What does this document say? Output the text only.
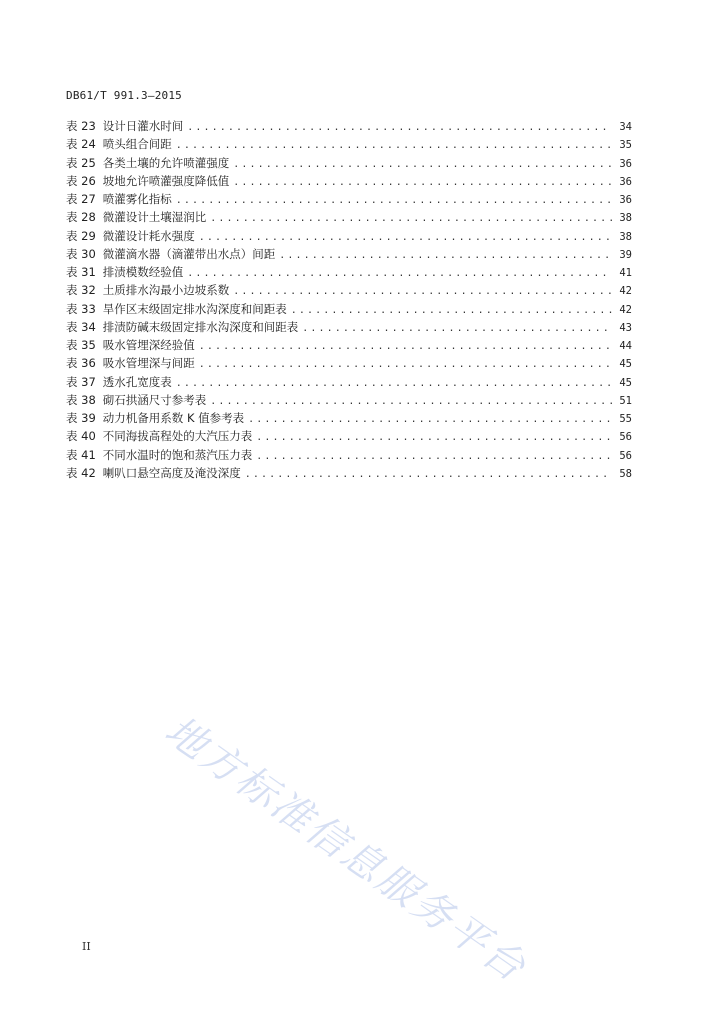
DB61/T 991.3—2015
表 23 设计日灌水时间 .....	34
表 24 喷头组合间距 .....	35
表 25 各类土壤的允许喷灌强度 .....	36
表 26 坡地允许喷灌强度降低值 .....	36
表 27 喷灌雾化指标 .....	36
表 28 微灌设计土壤湿润比 .....	38
表 29 微灌设计耗水强度 .....	38
表 30 微灌滴水器（滴灌带出水点）间距 .....	39
表 31 排渍模数经验值 .....	41
表 32 土质排水沟最小边坡系数 .....	42
表 33 旱作区末级固定排水沟深度和间距表 .....	42
表 34 排渍防碱末级固定排水沟深度和间距表 .....	43
表 35 吸水管埋深经验值 .....	44
表 36 吸水管埋深与间距 .....	45
表 37 透水孔宽度表 .....	45
表 38 砌石拱涵尺寸参考表 .....	51
表 39 动力机备用系数 K 值参考表 .....	55
表 40 不同海拔高程处的大汽压力表 .....	56
表 41 不同水温时的饱和蒸汽压力表 .....	56
表 42 喇叭口悬空高度及淹没深度 .....	58
地方标准信息服务平台
II
